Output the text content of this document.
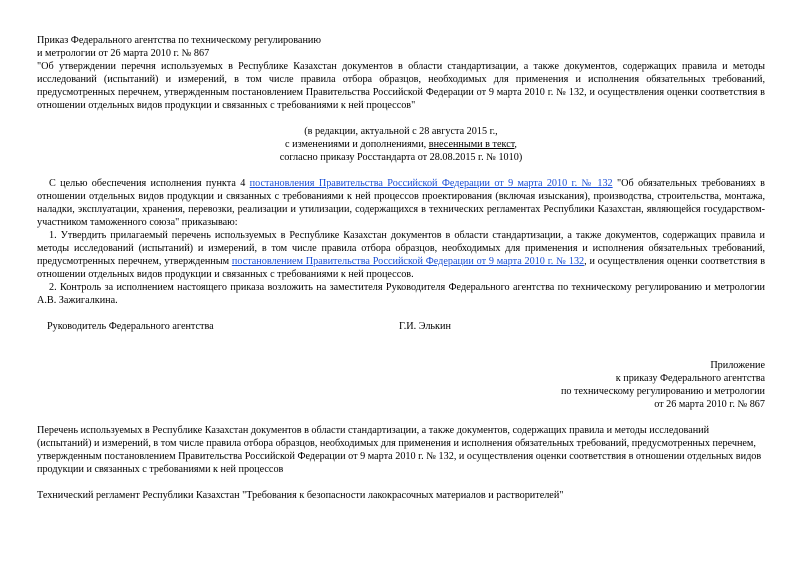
Приказ Федерального агентства по техническому регулированию
и метрологии от 26 марта 2010 г. № 867
"Об утверждении перечня используемых в Республике Казахстан документов в области стандартизации, а также документов, содержащих правила и методы исследований (испытаний) и измерений, в том числе правила отбора образцов, необходимых для применения и исполнения обязательных требований, предусмотренных перечнем, утвержденным постановлением Правительства Российской Федерации от 9 марта 2010 г. № 132, и осуществления оценки соответствия в отношении отдельных видов продукции и связанных с требованиями к ней процессов"
(в редакции, актуальной с 28 августа 2015 г.,
с изменениями и дополнениями, внесенными в текст,
согласно приказу Росстандарта от 28.08.2015 г. № 1010)
С целью обеспечения исполнения пункта 4 постановления Правительства Российской Федерации от 9 марта 2010 г. № 132 "Об обязательных требованиях в отношении отдельных видов продукции и связанных с требованиями к ней процессов проектирования (включая изыскания), производства, строительства, монтажа, наладки, эксплуатации, хранения, перевозки, реализации и утилизации, содержащихся в технических регламентах Республики Казахстан, являющейся государством-участником таможенного союза" приказываю:
1. Утвердить прилагаемый перечень используемых в Республике Казахстан документов в области стандартизации, а также документов, содержащих правила и методы исследований (испытаний) и измерений, в том числе правила отбора образцов, необходимых для применения и исполнения обязательных требований, предусмотренных перечнем, утвержденным постановлением Правительства Российской Федерации от 9 марта 2010 г. № 132, и осуществления оценки соответствия в отношении отдельных видов продукции и связанных с требованиями к ней процессов.
2. Контроль за исполнением настоящего приказа возложить на заместителя Руководителя Федерального агентства по техническому регулированию и метрологии А.В. Зажигалкина.
Руководитель Федерального агентства	Г.И. Элькин
Приложение
к приказу Федерального агентства
по техническому регулированию и метрологии
от 26 марта 2010 г. № 867
Перечень используемых в Республике Казахстан документов в области стандартизации, а также документов, содержащих правила и методы исследований (испытаний) и измерений, в том числе правила отбора образцов, необходимых для применения и исполнения обязательных требований, предусмотренных перечнем, утвержденным постановлением Правительства Российской Федерации от 9 марта 2010 г. № 132, и осуществления оценки соответствия в отношении отдельных видов продукции и связанных с требованиями к ней процессов
Технический регламент Республики Казахстан "Требования к безопасности лакокрасочных материалов и растворителей"
